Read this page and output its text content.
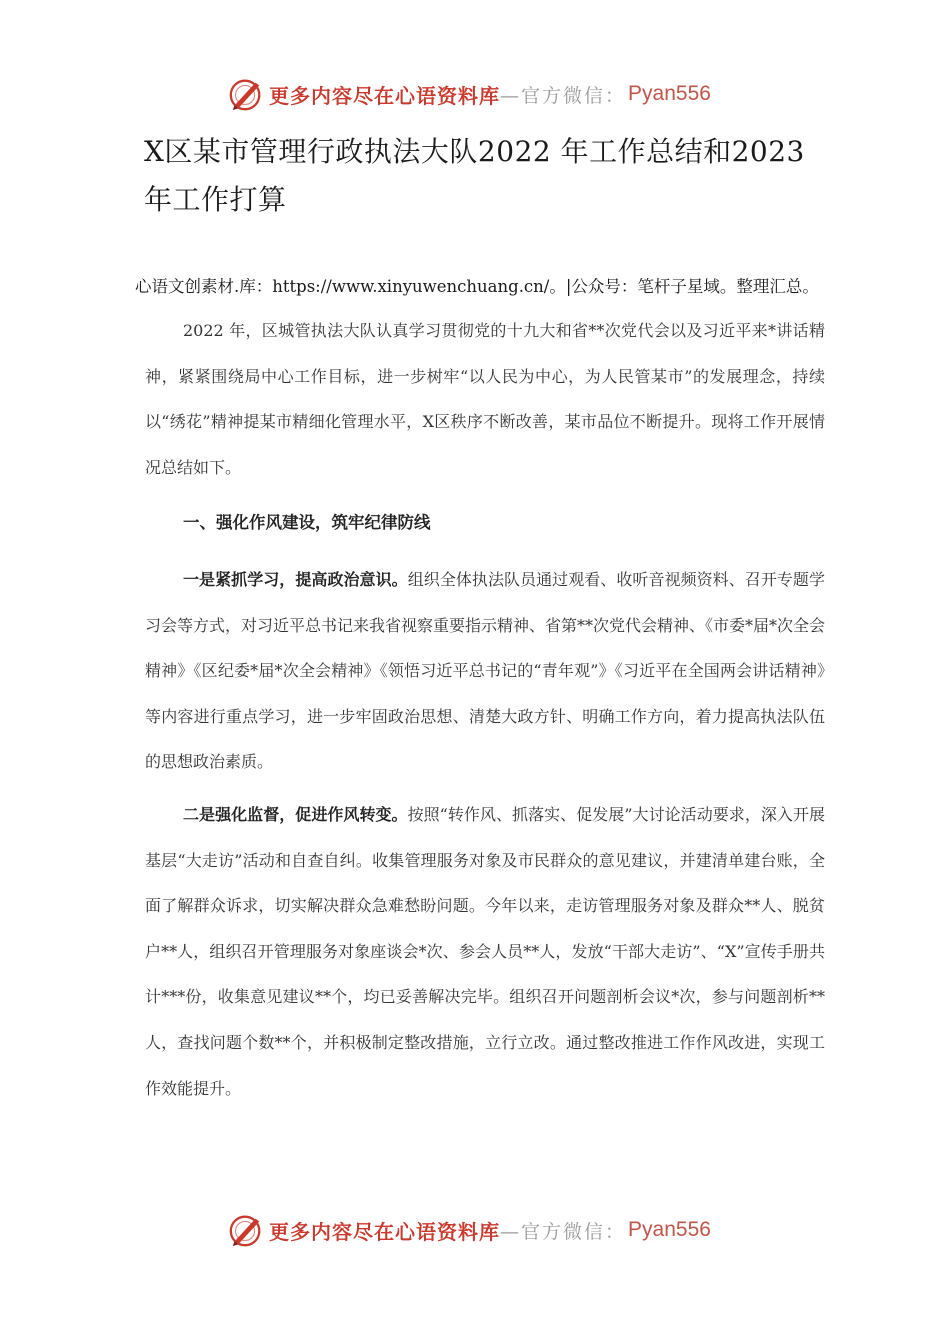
更多内容尽在心语资料库 —官方微信： Pyan556
X区某市管理行政执法大队2022 年工作总结和2023 年工作打算

心语文创素材.库：https://www.xinyuwenchuang.cn/。|公众号：笔杆子星域。整理汇总。

2022 年，区城管执法大队认真学习贯彻党的十九大和省**次党代会以及习近平来*讲话精神，紧紧围绕局中心工作目标，进一步树牢“以人民为中心，为人民管某市”的发展理念，持续以“绣花”精神提某市精细化管理水平，X区秩序不断改善，某市品位不断提升。现将工作开展情况总结如下。

一、强化作风建设，筑牢纪律防线

一是紧抓学习，提高政治意识。组织全体执法队员通过观看、收听音视频资料、召开专题学习会等方式，对习近平总书记来我省视察重要指示精神、省第**次党代会精神、《市委*届*次全会精神》《区纪委*届*次全会精神》《领悟习近平总书记的“青年观”》《习近平在全国两会讲话精神》等内容进行重点学习，进一步牢固政治思想、清楚大政方针、明确工作方向，着力提高执法队伍的思想政治素质。

二是强化监督，促进作风转变。按照“转作风、抓落实、促发展”大讨论活动要求，深入开展基层“大走访”活动和自查自纠。收集管理服务对象及市民群众的意见建议，并建清单建台账，全面了解群众诉求，切实解决群众急难愁盼问题。今年以来，走访管理服务对象及群众**人、脱贫户**人，组织召开管理服务对象座谈会*次、参会人员**人，发放“干部大走访”、“X”宣传手册共计***份，收集意见建议**个，均已妥善解决完毕。组织召开问题剖析会议*次，参与问题剖析**人，查找问题个数**个，并积极制定整改措施，立行立改。通过整改推进工作作风改进，实现工作效能提升。

更多内容尽在心语资料库 —官方微信： Pyan556
